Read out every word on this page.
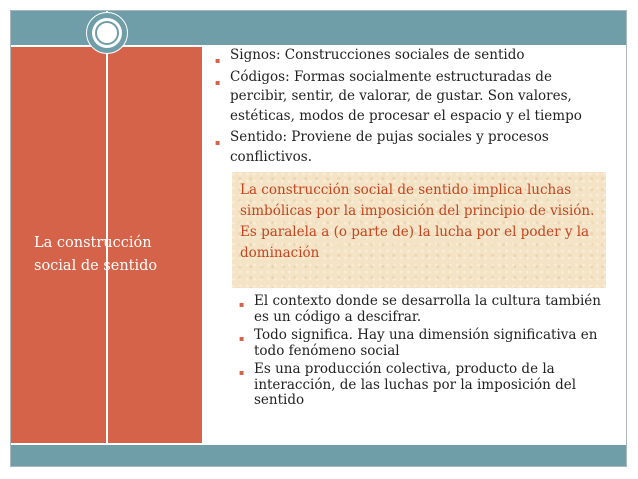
La construcción social de sentido
▪ Signos: Construcciones sociales de sentido
▪ Códigos: Formas socialmente estructuradas de percibir, sentir, de valorar, de gustar. Son valores, estéticas, modos de procesar el espacio y el tiempo
▪ Sentido: Proviene de pujas sociales y procesos conflictivos.
La construcción social de sentido implica luchas simbólicas por la imposición del principio de visión. Es paralela a (o parte de) la lucha por el poder y la dominación
▪ El contexto donde se desarrolla la cultura también es un código a descifrar.
▪ Todo significa. Hay una dimensión significativa en todo fenómeno social
▪ Es una producción colectiva, producto de la interacción, de las luchas por la imposición del sentido
